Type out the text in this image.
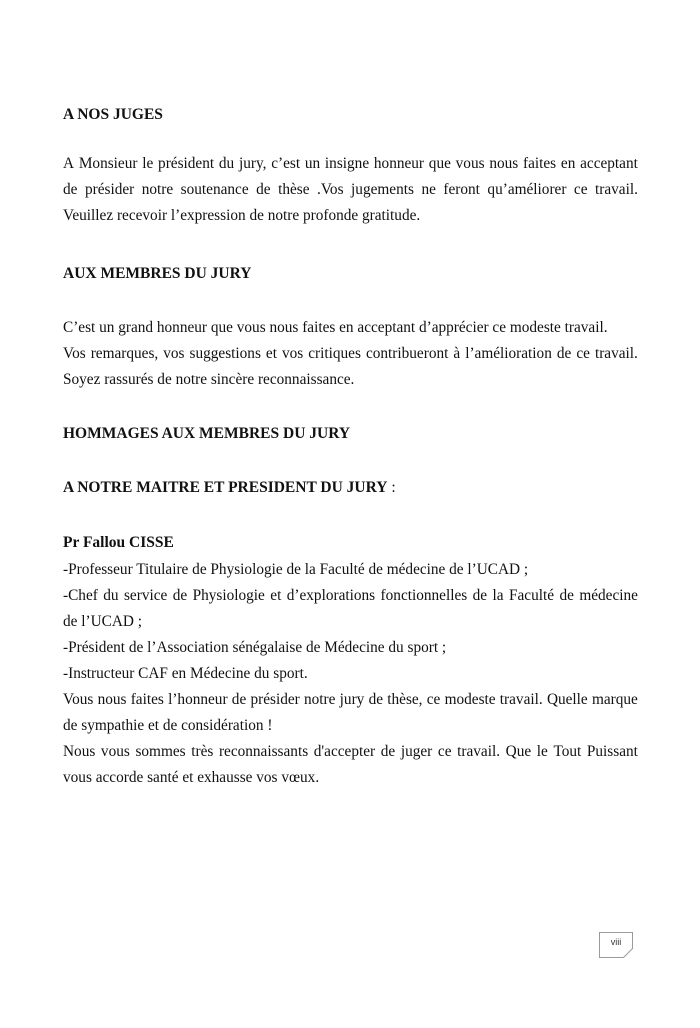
A NOS JUGES
A Monsieur le président du jury, c’est un insigne honneur que vous nous faites en acceptant
de présider notre soutenance de thèse .Vos jugements ne feront qu’améliorer ce travail.
Veuillez recevoir l’expression de notre profonde gratitude.
AUX MEMBRES DU JURY
C’est un grand honneur que vous nous faites en acceptant d’apprécier ce modeste travail.
Vos remarques, vos suggestions et vos critiques contribueront à l’amélioration de ce travail.
Soyez rassurés de notre sincère reconnaissance.
HOMMAGES AUX MEMBRES DU JURY
A NOTRE MAITRE ET PRESIDENT DU JURY :
Pr Fallou CISSE
-Professeur Titulaire de Physiologie de la Faculté de médecine de l’UCAD ;
-Chef du service de Physiologie et d’explorations fonctionnelles de la Faculté de médecine
de l’UCAD ;
-Président de l’Association sénégalaise de Médecine du sport ;
-Instructeur CAF en Médecine du sport.
Vous nous faites l’honneur de présider notre jury de thèse, ce modeste travail. Quelle marque
de sympathie et de considération !
Nous vous sommes très reconnaissants d'accepter de juger ce travail. Que le Tout Puissant
vous accorde santé et exhausse vos vœux.
viii
